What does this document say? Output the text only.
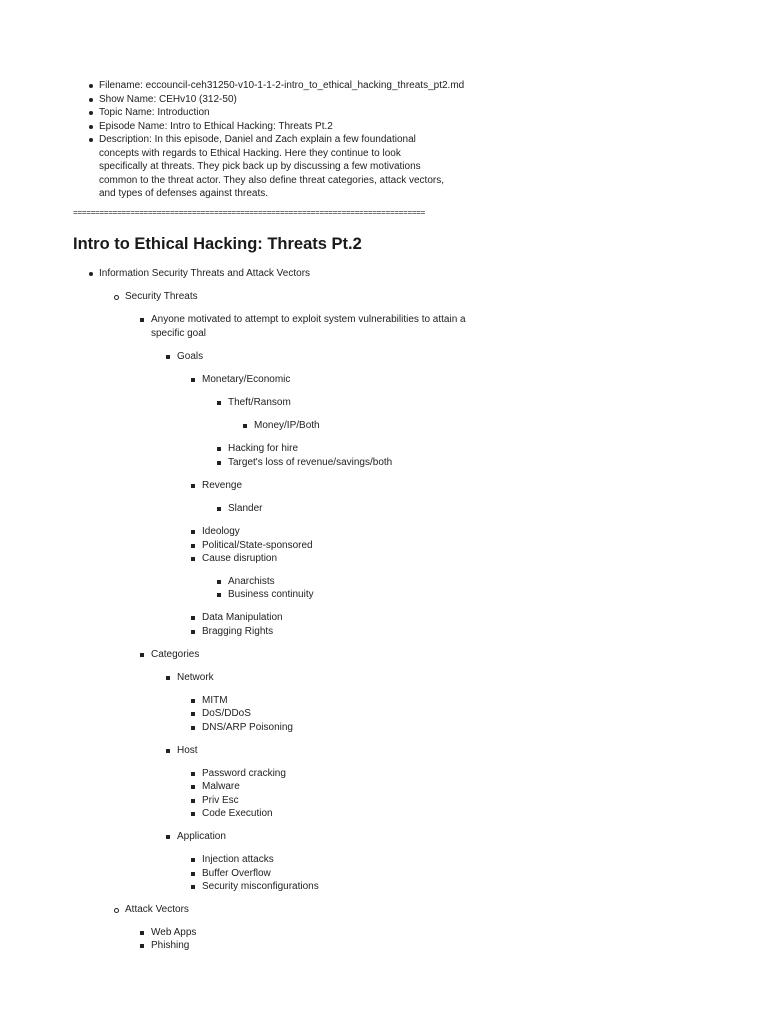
Filename: eccouncil-ceh31250-v10-1-1-2-intro_to_ethical_hacking_threats_pt2.md
Show Name: CEHv10 (312-50)
Topic Name: Introduction
Episode Name: Intro to Ethical Hacking: Threats Pt.2
Description: In this episode, Daniel and Zach explain a few foundational concepts with regards to Ethical Hacking. Here they continue to look specifically at threats. They pick back up by discussing a few motivations common to the threat actor. They also define threat categories, attack vectors, and types of defenses against threats.
================================================================================
Intro to Ethical Hacking: Threats Pt.2
Information Security Threats and Attack Vectors
Security Threats
Anyone motivated to attempt to exploit system vulnerabilities to attain a specific goal
Goals
Monetary/Economic
Theft/Ransom
Money/IP/Both
Hacking for hire
Target's loss of revenue/savings/both
Revenge
Slander
Ideology
Political/State-sponsored
Cause disruption
Anarchists
Business continuity
Data Manipulation
Bragging Rights
Categories
Network
MITM
DoS/DDoS
DNS/ARP Poisoning
Host
Password cracking
Malware
Priv Esc
Code Execution
Application
Injection attacks
Buffer Overflow
Security misconfigurations
Attack Vectors
Web Apps
Phishing
